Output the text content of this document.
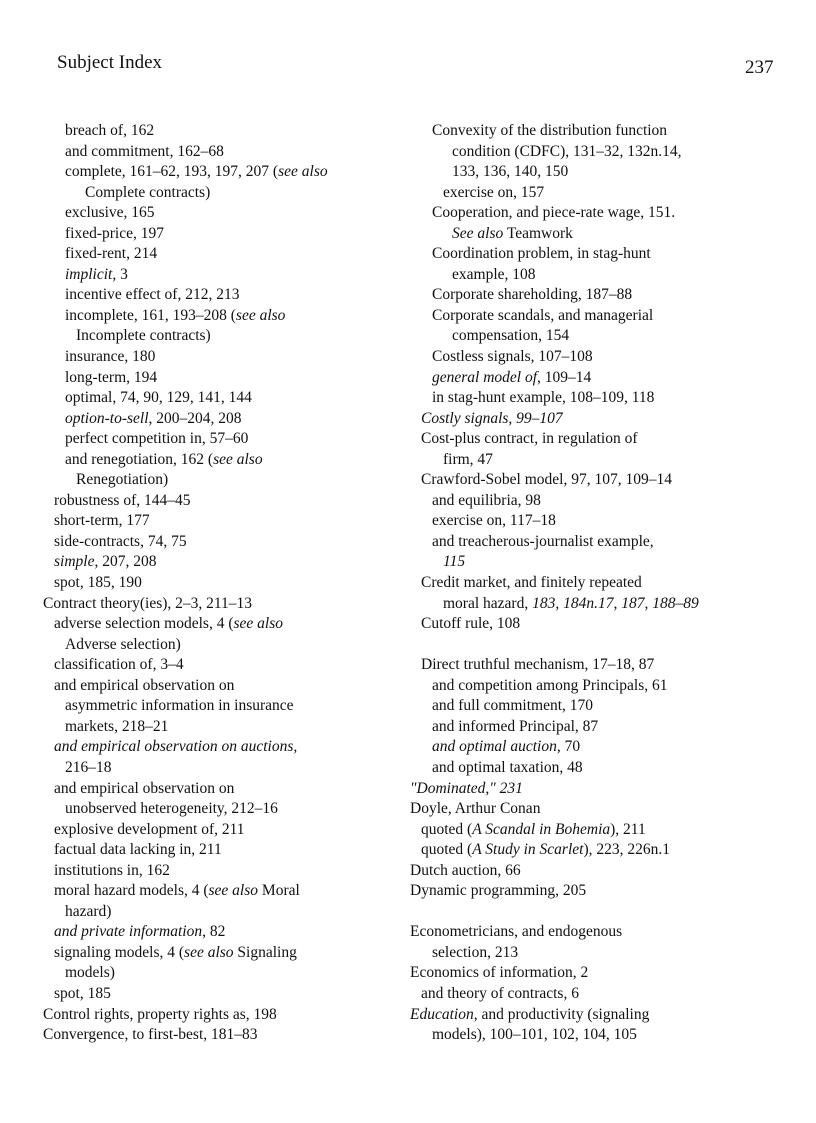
Subject Index	237
breach of, 162
and commitment, 162–68
complete, 161–62, 193, 197, 207 (see also
Complete contracts)
exclusive, 165
fixed-price, 197
fixed-rent, 214
implicit, 3
incentive effect of, 212, 213
incomplete, 161, 193–208 (see also
Incomplete contracts)
insurance, 180
long-term, 194
optimal, 74, 90, 129, 141, 144
option-to-sell, 200–204, 208
perfect competition in, 57–60
and renegotiation, 162 (see also
Renegotiation)
robustness of, 144–45
short-term, 177
side-contracts, 74, 75
simple, 207, 208
spot, 185, 190
Contract theory(ies), 2–3, 211–13
adverse selection models, 4 (see also
Adverse selection)
classification of, 3–4
and empirical observation on
asymmetric information in insurance
markets, 218–21
and empirical observation on auctions,
216–18
and empirical observation on
unobserved heterogeneity, 212–16
explosive development of, 211
factual data lacking in, 211
institutions in, 162
moral hazard models, 4 (see also Moral
hazard)
and private information, 82
signaling models, 4 (see also Signaling
models)
spot, 185
Control rights, property rights as, 198
Convergence, to first-best, 181–83
Convexity of the distribution function
condition (CDFC), 131–32, 132n.14,
133, 136, 140, 150
exercise on, 157
Cooperation, and piece-rate wage, 151.
See also Teamwork
Coordination problem, in stag-hunt
example, 108
Corporate shareholding, 187–88
Corporate scandals, and managerial
compensation, 154
Costless signals, 107–108
general model of, 109–14
in stag-hunt example, 108–109, 118
Costly signals, 99–107
Cost-plus contract, in regulation of
firm, 47
Crawford-Sobel model, 97, 107, 109–14
and equilibria, 98
exercise on, 117–18
and treacherous-journalist example,
115
Credit market, and finitely repeated
moral hazard, 183, 184n.17, 187, 188–89
Cutoff rule, 108
Direct truthful mechanism, 17–18, 87
and competition among Principals, 61
and full commitment, 170
and informed Principal, 87
and optimal auction, 70
and optimal taxation, 48
"Dominated," 231
Doyle, Arthur Conan
quoted (A Scandal in Bohemia), 211
quoted (A Study in Scarlet), 223, 226n.1
Dutch auction, 66
Dynamic programming, 205
Econometricians, and endogenous
selection, 213
Economics of information, 2
and theory of contracts, 6
Education, and productivity (signaling
models), 100–101, 102, 104, 105
